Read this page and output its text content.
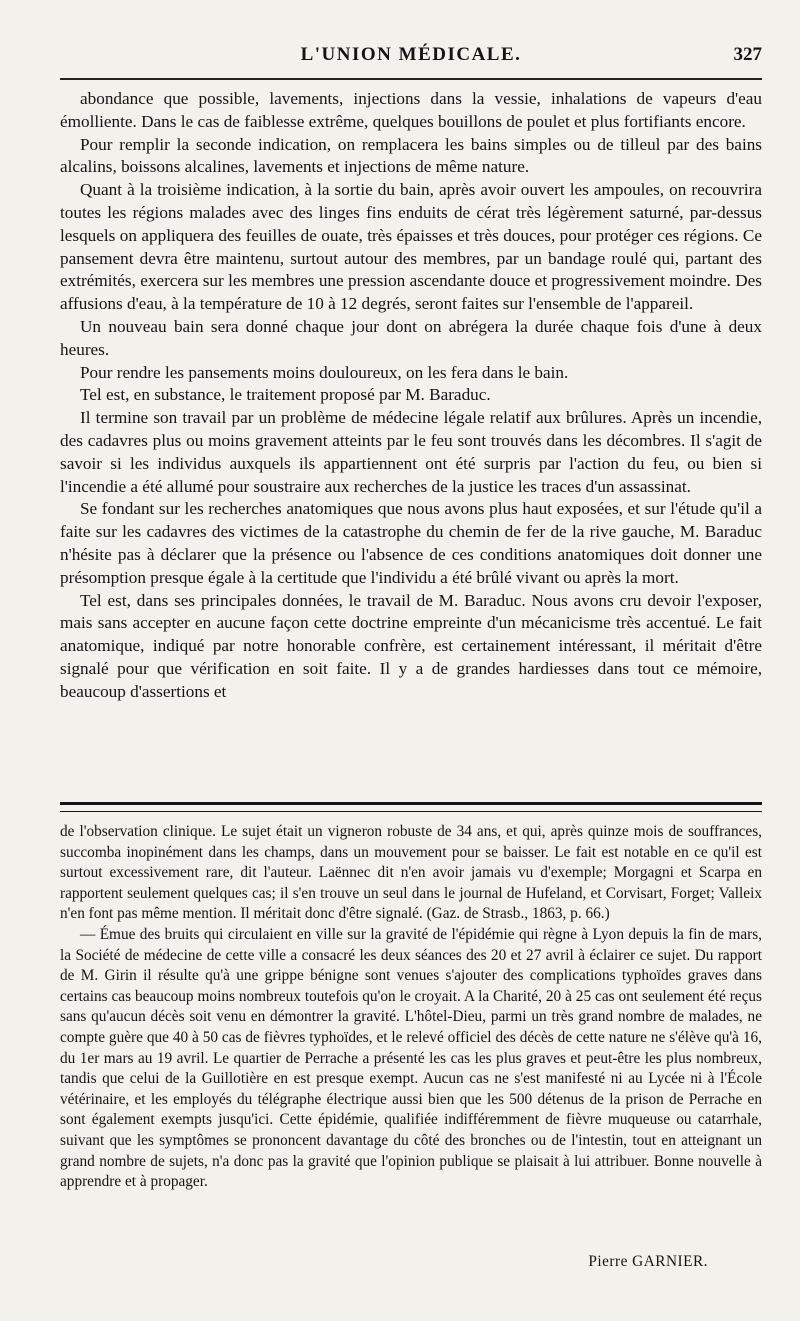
L'UNION MÉDICALE.	327

abondance que possible, lavements, injections dans la vessie, inhalations de vapeurs d'eau émolliente. Dans le cas de faiblesse extrême, quelques bouillons de poulet et plus fortifiants encore.

Pour remplir la seconde indication, on remplacera les bains simples ou de tilleul par des bains alcalins, boissons alcalines, lavements et injections de même nature.

Quant à la troisième indication, à la sortie du bain, après avoir ouvert les ampoules, on recouvrira toutes les régions malades avec des linges fins enduits de cérat très légèrement saturné, par-dessus lesquels on appliquera des feuilles de ouate, très épaisses et très douces, pour protéger ces régions. Ce pansement devra être maintenu, surtout autour des membres, par un bandage roulé qui, partant des extrémités, exercera sur les membres une pression ascendante douce et progressivement moindre. Des affusions d'eau, à la température de 10 à 12 degrés, seront faites sur l'ensemble de l'appareil.

Un nouveau bain sera donné chaque jour dont on abrégera la durée chaque fois d'une à deux heures.

Pour rendre les pansements moins douloureux, on les fera dans le bain.

Tel est, en substance, le traitement proposé par M. Baraduc.

Il termine son travail par un problème de médecine légale relatif aux brûlures. Après un incendie, des cadavres plus ou moins gravement atteints par le feu sont trouvés dans les décombres. Il s'agit de savoir si les individus auxquels ils appartiennent ont été surpris par l'action du feu, ou bien si l'incendie a été allumé pour soustraire aux recherches de la justice les traces d'un assassinat.

Se fondant sur les recherches anatomiques que nous avons plus haut exposées, et sur l'étude qu'il a faite sur les cadavres des victimes de la catastrophe du chemin de fer de la rive gauche, M. Baraduc n'hésite pas à déclarer que la présence ou l'absence de ces conditions anatomiques doit donner une présomption presque égale à la certitude que l'individu a été brûlé vivant ou après la mort.

Tel est, dans ses principales données, le travail de M. Baraduc. Nous avons cru devoir l'exposer, mais sans accepter en aucune façon cette doctrine empreinte d'un mécanicisme très accentué. Le fait anatomique, indiqué par notre honorable confrère, est certainement intéressant, il méritait d'être signalé pour que vérification en soit faite. Il y a de grandes hardiesses dans tout ce mémoire, beaucoup d'assertions et

de l'observation clinique. Le sujet était un vigneron robuste de 34 ans, et qui, après quinze mois de souffrances, succomba inopinément dans les champs, dans un mouvement pour se baisser. Le fait est notable en ce qu'il est surtout excessivement rare, dit l'auteur. Laënnec dit n'en avoir jamais vu d'exemple; Morgagni et Scarpa en rapportent seulement quelques cas; il s'en trouve un seul dans le journal de Hufeland, et Corvisart, Forget; Valleix n'en font pas même mention. Il méritait donc d'être signalé. (Gaz. de Strasb., 1863, p. 66.)

— Émue des bruits qui circulaient en ville sur la gravité de l'épidémie qui règne à Lyon depuis la fin de mars, la Société de médecine de cette ville a consacré les deux séances des 20 et 27 avril à éclairer ce sujet. Du rapport de M. Girin il résulte qu'à une grippe bénigne sont venues s'ajouter des complications typhoïdes graves dans certains cas beaucoup moins nombreux toutefois qu'on le croyait. A la Charité, 20 à 25 cas ont seulement été reçus sans qu'aucun décès soit venu en démontrer la gravité. L'hôtel-Dieu, parmi un très grand nombre de malades, ne compte guère que 40 à 50 cas de fièvres typhoïdes, et le relevé officiel des décès de cette nature ne s'élève qu'à 16, du 1er mars au 19 avril. Le quartier de Perrache a présenté les cas les plus graves et peut-être les plus nombreux, tandis que celui de la Guillotière en est presque exempt. Aucun cas ne s'est manifesté ni au Lycée ni à l'École vétérinaire, et les employés du télégraphe électrique aussi bien que les 500 détenus de la prison de Perrache en sont également exempts jusqu'ici. Cette épidémie, qualifiée indifféremment de fièvre muqueuse ou catarrhale, suivant que les symptômes se prononcent davantage du côté des bronches ou de l'intestin, tout en atteignant un grand nombre de sujets, n'a donc pas la gravité que l'opinion publique se plaisait à lui attribuer. Bonne nouvelle à apprendre et à propager.

Pierre GARNIER.
